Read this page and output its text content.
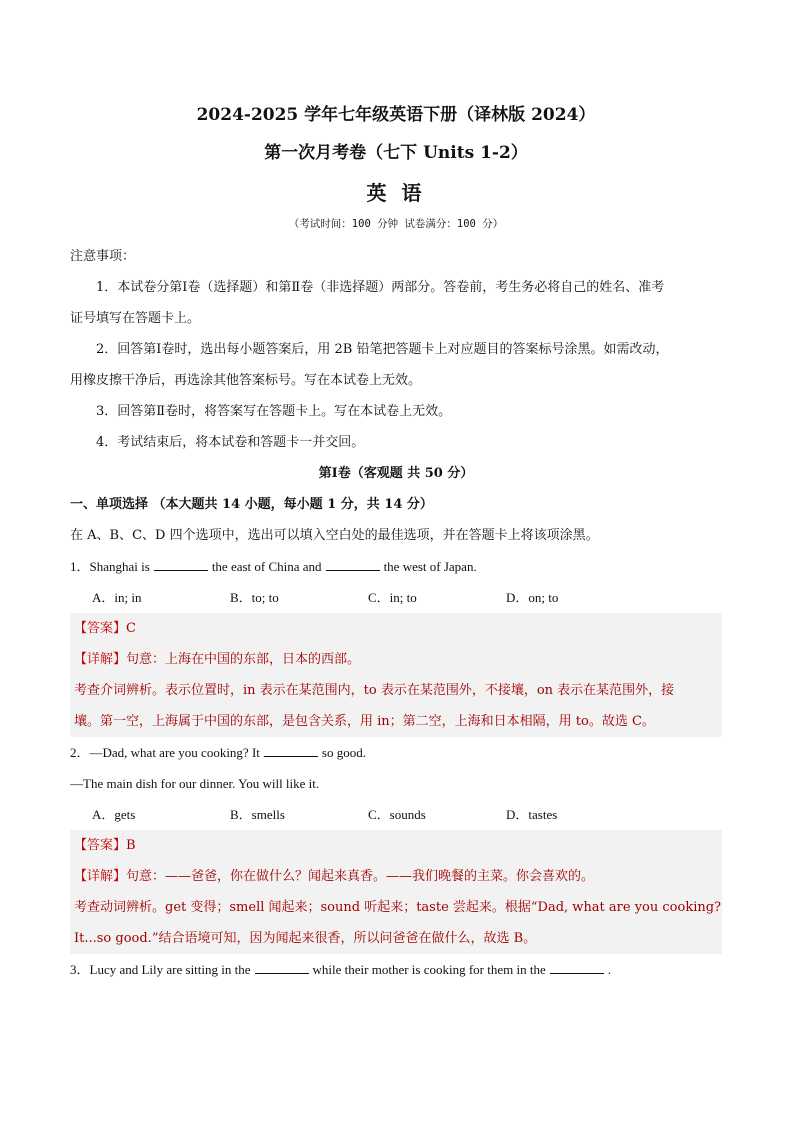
2024-2025 学年七年级英语下册（译林版 2024）
第一次月考卷（七下 Units 1-2）
英 语
（考试时间：100 分钟 试卷满分：100 分）
注意事项：
1．本试卷分第Ⅰ卷（选择题）和第Ⅱ卷（非选择题）两部分。答卷前，考生务必将自己的姓名、准考
证号填写在答题卡上。
2．回答第Ⅰ卷时，选出每小题答案后，用 2B 铅笔把答题卡上对应题目的答案标号涂黑。如需改动，
用橡皮擦干净后，再选涂其他答案标号。写在本试卷上无效。
3．回答第Ⅱ卷时，将答案写在答题卡上。写在本试卷上无效。
4．考试结束后，将本试卷和答题卡一并交回。
第Ⅰ卷（客观题 共 50 分）
一、单项选择 （本大题共 14 小题，每小题 1 分，共 14 分）
在 A、B、C、D 四个选项中，选出可以填入空白处的最佳选项，并在答题卡上将该项涂黑。
1．Shanghai is	the east of China and	the west of Japan.
A．in; in	B．to; to	C．in; to	D．on; to
【答案】C
【详解】句意：上海在中国的东部，日本的西部。
考查介词辨析。表示位置时，in 表示在某范围内，to 表示在某范围外，不接壤，on 表示在某范围外，接
壤。第一空，上海属于中国的东部，是包含关系，用 in；第二空，上海和日本相隔，用 to。故选 C。
2．—Dad, what are you cooking? It	so good.
—The main dish for our dinner. You will like it.
A．gets	B．smells	C．sounds	D．tastes
【答案】B
【详解】句意：——爸爸，你在做什么？闻起来真香。——我们晚餐的主菜。你会喜欢的。
考查动词辨析。get 变得；smell 闻起来；sound 听起来；taste 尝起来。根据“Dad, what are you cooking?
It...so good.”结合语境可知，因为闻起来很香，所以问爸爸在做什么，故选 B。
3．Lucy and Lily are sitting in the	while their mother is cooking for them in the	.
